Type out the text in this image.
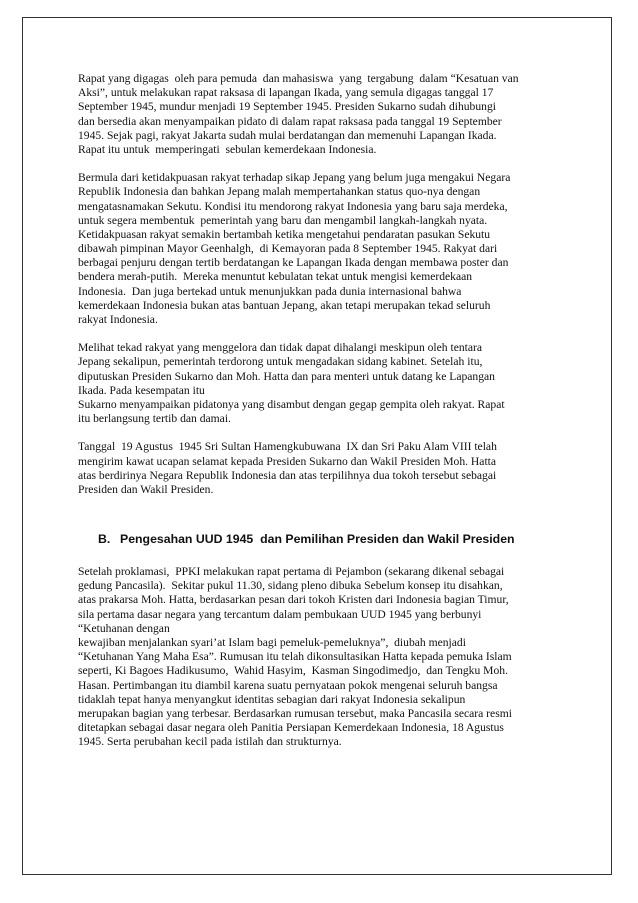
Rapat yang digagas  oleh para pemuda  dan mahasiswa  yang  tergabung  dalam “Kesatuan van
Aksi”, untuk melakukan rapat raksasa di lapangan Ikada, yang semula digagas tanggal 17
September 1945, mundur menjadi 19 September 1945. Presiden Sukarno sudah dihubungi
dan bersedia akan menyampaikan pidato di dalam rapat raksasa pada tanggal 19 September
1945. Sejak pagi, rakyat Jakarta sudah mulai berdatangan dan memenuhi Lapangan Ikada.
Rapat itu untuk  memperingati  sebulan kemerdekaan Indonesia.
Bermula dari ketidakpuasan rakyat terhadap sikap Jepang yang belum juga mengakui Negara
Republik Indonesia dan bahkan Jepang malah mempertahankan status quo-nya dengan
mengatasnamakan Sekutu. Kondisi itu mendorong rakyat Indonesia yang baru saja merdeka,
untuk segera membentuk  pemerintah yang baru dan mengambil langkah-langkah nyata.
Ketidakpuasan rakyat semakin bertambah ketika mengetahui pendaratan pasukan Sekutu
dibawah pimpinan Mayor Geenhalgh,  di Kemayoran pada 8 September 1945. Rakyat dari
berbagai penjuru dengan tertib berdatangan ke Lapangan Ikada dengan membawa poster dan
bendera merah-putih.  Mereka menuntut kebulatan tekat untuk mengisi kemerdekaan
Indonesia.  Dan juga bertekad untuk menunjukkan pada dunia internasional bahwa
kemerdekaan Indonesia bukan atas bantuan Jepang, akan tetapi merupakan tekad seluruh
rakyat Indonesia.
Melihat tekad rakyat yang menggelora dan tidak dapat dihalangi meskipun oleh tentara
Jepang sekalipun, pemerintah terdorong untuk mengadakan sidang kabinet. Setelah itu,
diputuskan Presiden Sukarno dan Moh. Hatta dan para menteri untuk datang ke Lapangan
Ikada. Pada kesempatan itu
Sukarno menyampaikan pidatonya yang disambut dengan gegap gempita oleh rakyat. Rapat
itu berlangsung tertib dan damai.
Tanggal  19 Agustus  1945 Sri Sultan Hamengkubuwana  IX dan Sri Paku Alam VIII telah
mengirim kawat ucapan selamat kepada Presiden Sukarno dan Wakil Presiden Moh. Hatta
atas berdirinya Negara Republik Indonesia dan atas terpilihnya dua tokoh tersebut sebagai
Presiden dan Wakil Presiden.
B. Pengesahan UUD 1945  dan Pemilihan Presiden dan Wakil Presiden
Setelah proklamasi,  PPKI melakukan rapat pertama di Pejambon (sekarang dikenal sebagai
gedung Pancasila).  Sekitar pukul 11.30, sidang pleno dibuka Sebelum konsep itu disahkan,
atas prakarsa Moh. Hatta, berdasarkan pesan dari tokoh Kristen dari Indonesia bagian Timur,
sila pertama dasar negara yang tercantum dalam pembukaan UUD 1945 yang berbunyi
“Ketuhanan dengan
kewajiban menjalankan syari’at Islam bagi pemeluk-pemeluknya”,  diubah menjadi
“Ketuhanan Yang Maha Esa”. Rumusan itu telah dikonsultasikan Hatta kepada pemuka Islam
seperti, Ki Bagoes Hadikusumo,  Wahid Hasyim,  Kasman Singodimedjo,  dan Tengku Moh.
Hasan. Pertimbangan itu diambil karena suatu pernyataan pokok mengenai seluruh bangsa
tidaklah tepat hanya menyangkut identitas sebagian dari rakyat Indonesia sekalipun
merupakan bagian yang terbesar. Berdasarkan rumusan tersebut, maka Pancasila secara resmi
ditetapkan sebagai dasar negara oleh Panitia Persiapan Kemerdekaan Indonesia, 18 Agustus
1945. Serta perubahan kecil pada istilah dan strukturnya.
